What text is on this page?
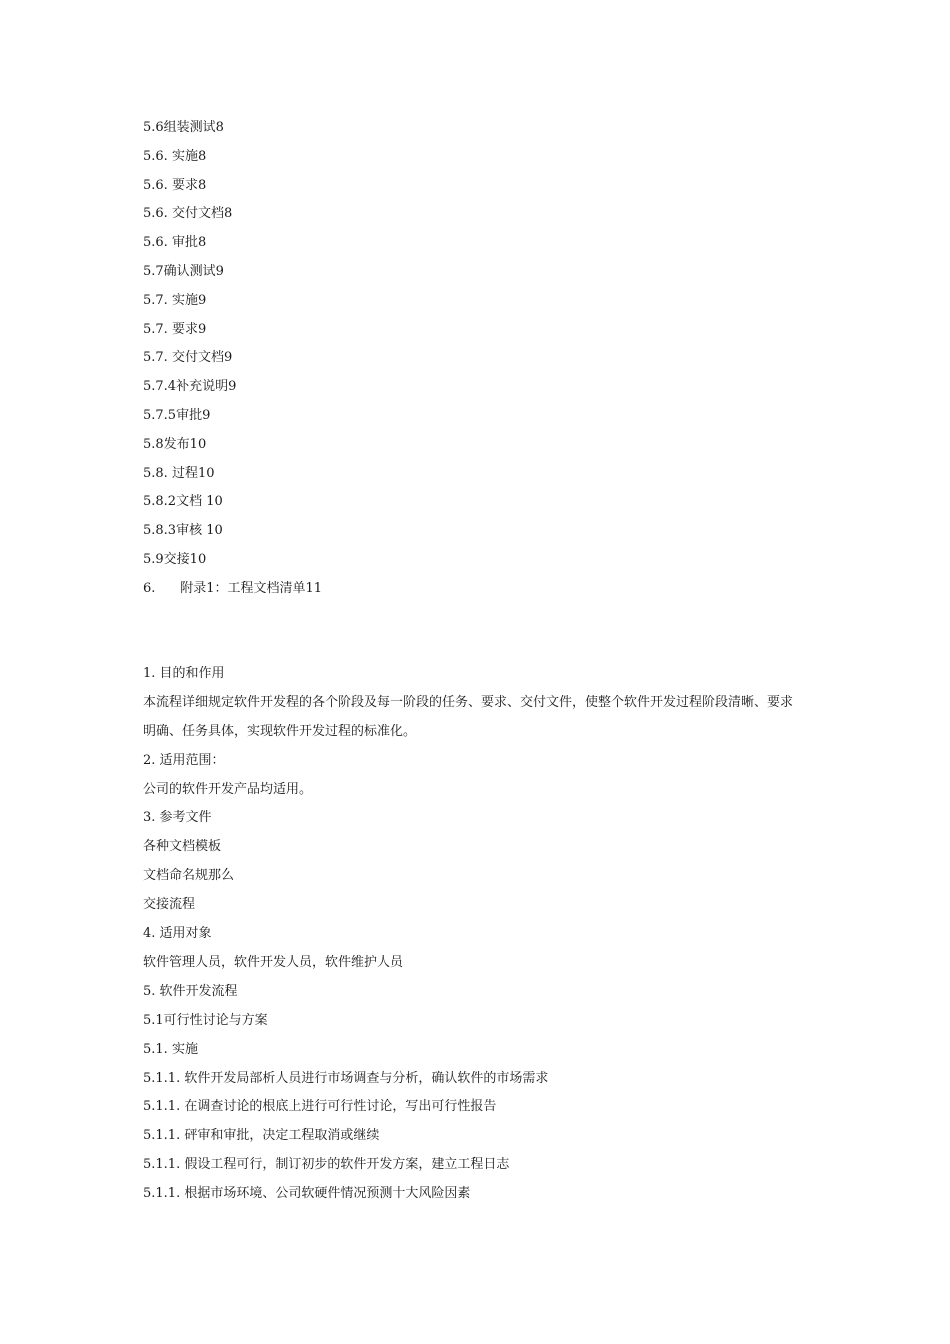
5.6组装测试8
5.6. 实施8
5.6. 要求8
5.6. 交付文档8
5.6. 审批8
5.7确认测试9
5.7. 实施9
5.7. 要求9
5.7. 交付文档9
5.7.4补充说明9
5.7.5审批9
5.8发布10
5.8. 过程10
5.8.2文档 10
5.8.3审核 10
5.9交接10
6.      附录1：工程文档清单11
1. 目的和作用
本流程详细规定软件开发程的各个阶段及每一阶段的任务、要求、交付文件，使整个软件开发过程阶段清晰、要求明确、任务具体，实现软件开发过程的标准化。
2. 适用范围：
公司的软件开发产品均适用。
3. 参考文件
各种文档模板
文档命名规那么
交接流程
4. 适用对象
软件管理人员，软件开发人员，软件维护人员
5. 软件开发流程
5.1可行性讨论与方案
5.1. 实施
5.1.1. 软件开发局部析人员进行市场调查与分析，确认软件的市场需求
5.1.1. 在调查讨论的根底上进行可行性讨论，写出可行性报告
5.1.1. 砰审和审批，决定工程取消或继续
5.1.1. 假设工程可行，制订初步的软件开发方案，建立工程日志
5.1.1. 根据市场环境、公司软硬件情况预测十大风险因素
